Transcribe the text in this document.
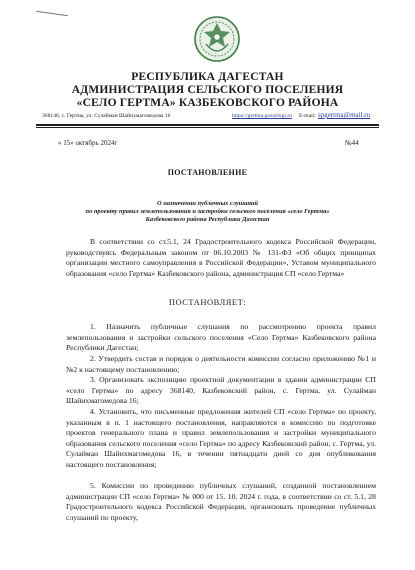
РЕСПУБЛИКА ДАГЕСТАН
АДМИНИСТРАЦИЯ СЕЛЬСКОГО ПОСЕЛЕНИЯ
«СЕЛО ГЕРТМА» КАЗБЕКОВСКОГО РАЙОНА
368148, с. Гертма, ул. Сулайман Шайихмагомедова 16	https://gertma.gosuslugi.ru E-mail: spgertma@mail.ru
« 15» октябрь 2024г	№44
ПОСТАНОВЛЕНИЕ
О назначении публичных слушаний
по проекту правил землепользования и застройки сельского поселения «село Гертма»
Казбековского района Республики Дагестан
В соответствии со ст.5.1, 24 Градостроительного кодекса Российской Федерации, руководствуясь Федеральным законом от 06.10.2003 № 131-ФЗ «Об общих принципах организации местного самоуправления в Российской Федерации», Уставом муниципального образования «село Гертма» Казбековского района, администрация СП «село Гертма»
ПОСТАНОВЛЯЕТ:
1. Назначить публичные слушания по рассмотрению проекта правил землепользования и застройки сельского поселения «Село Гертма» Казбековского района Республики Дагестан;
2. Утвердить состав и порядок о деятельности комиссии согласно приложению №1 и №2 к настоящему постановлению;
3. Организовать экспозицию проектной документации в здании администрации СП «село Гертма» по адресу 368140, Казбековский район, с. Гертма, ул. Сулайман Шайихмагомедова 16;
4. Установить, что письменные предложения жителей СП «село Гертма» по проекту, указанным в п. 1 настоящего постановления, направляются в комиссию по подготовке проектов генерального плана и правил землепользования и застройки муниципального образования сельского поселения «село Гертма» по адресу Казбековский район, с. Гертма, ул. Сулайман Шайихмагомедова 16, в течении пятнадцати дней со дня опубликования настоящего постановления;
5. Комиссии по проведению публичных слушаний, созданной постановлением администрации СП «село Гертма» № 000 от 15. 10. 2024 г. года, в соответствии со ст. 5.1, 28 Градостроительного кодекса Российской Федерации, организовать проведение публичных слушаний по проекту,
